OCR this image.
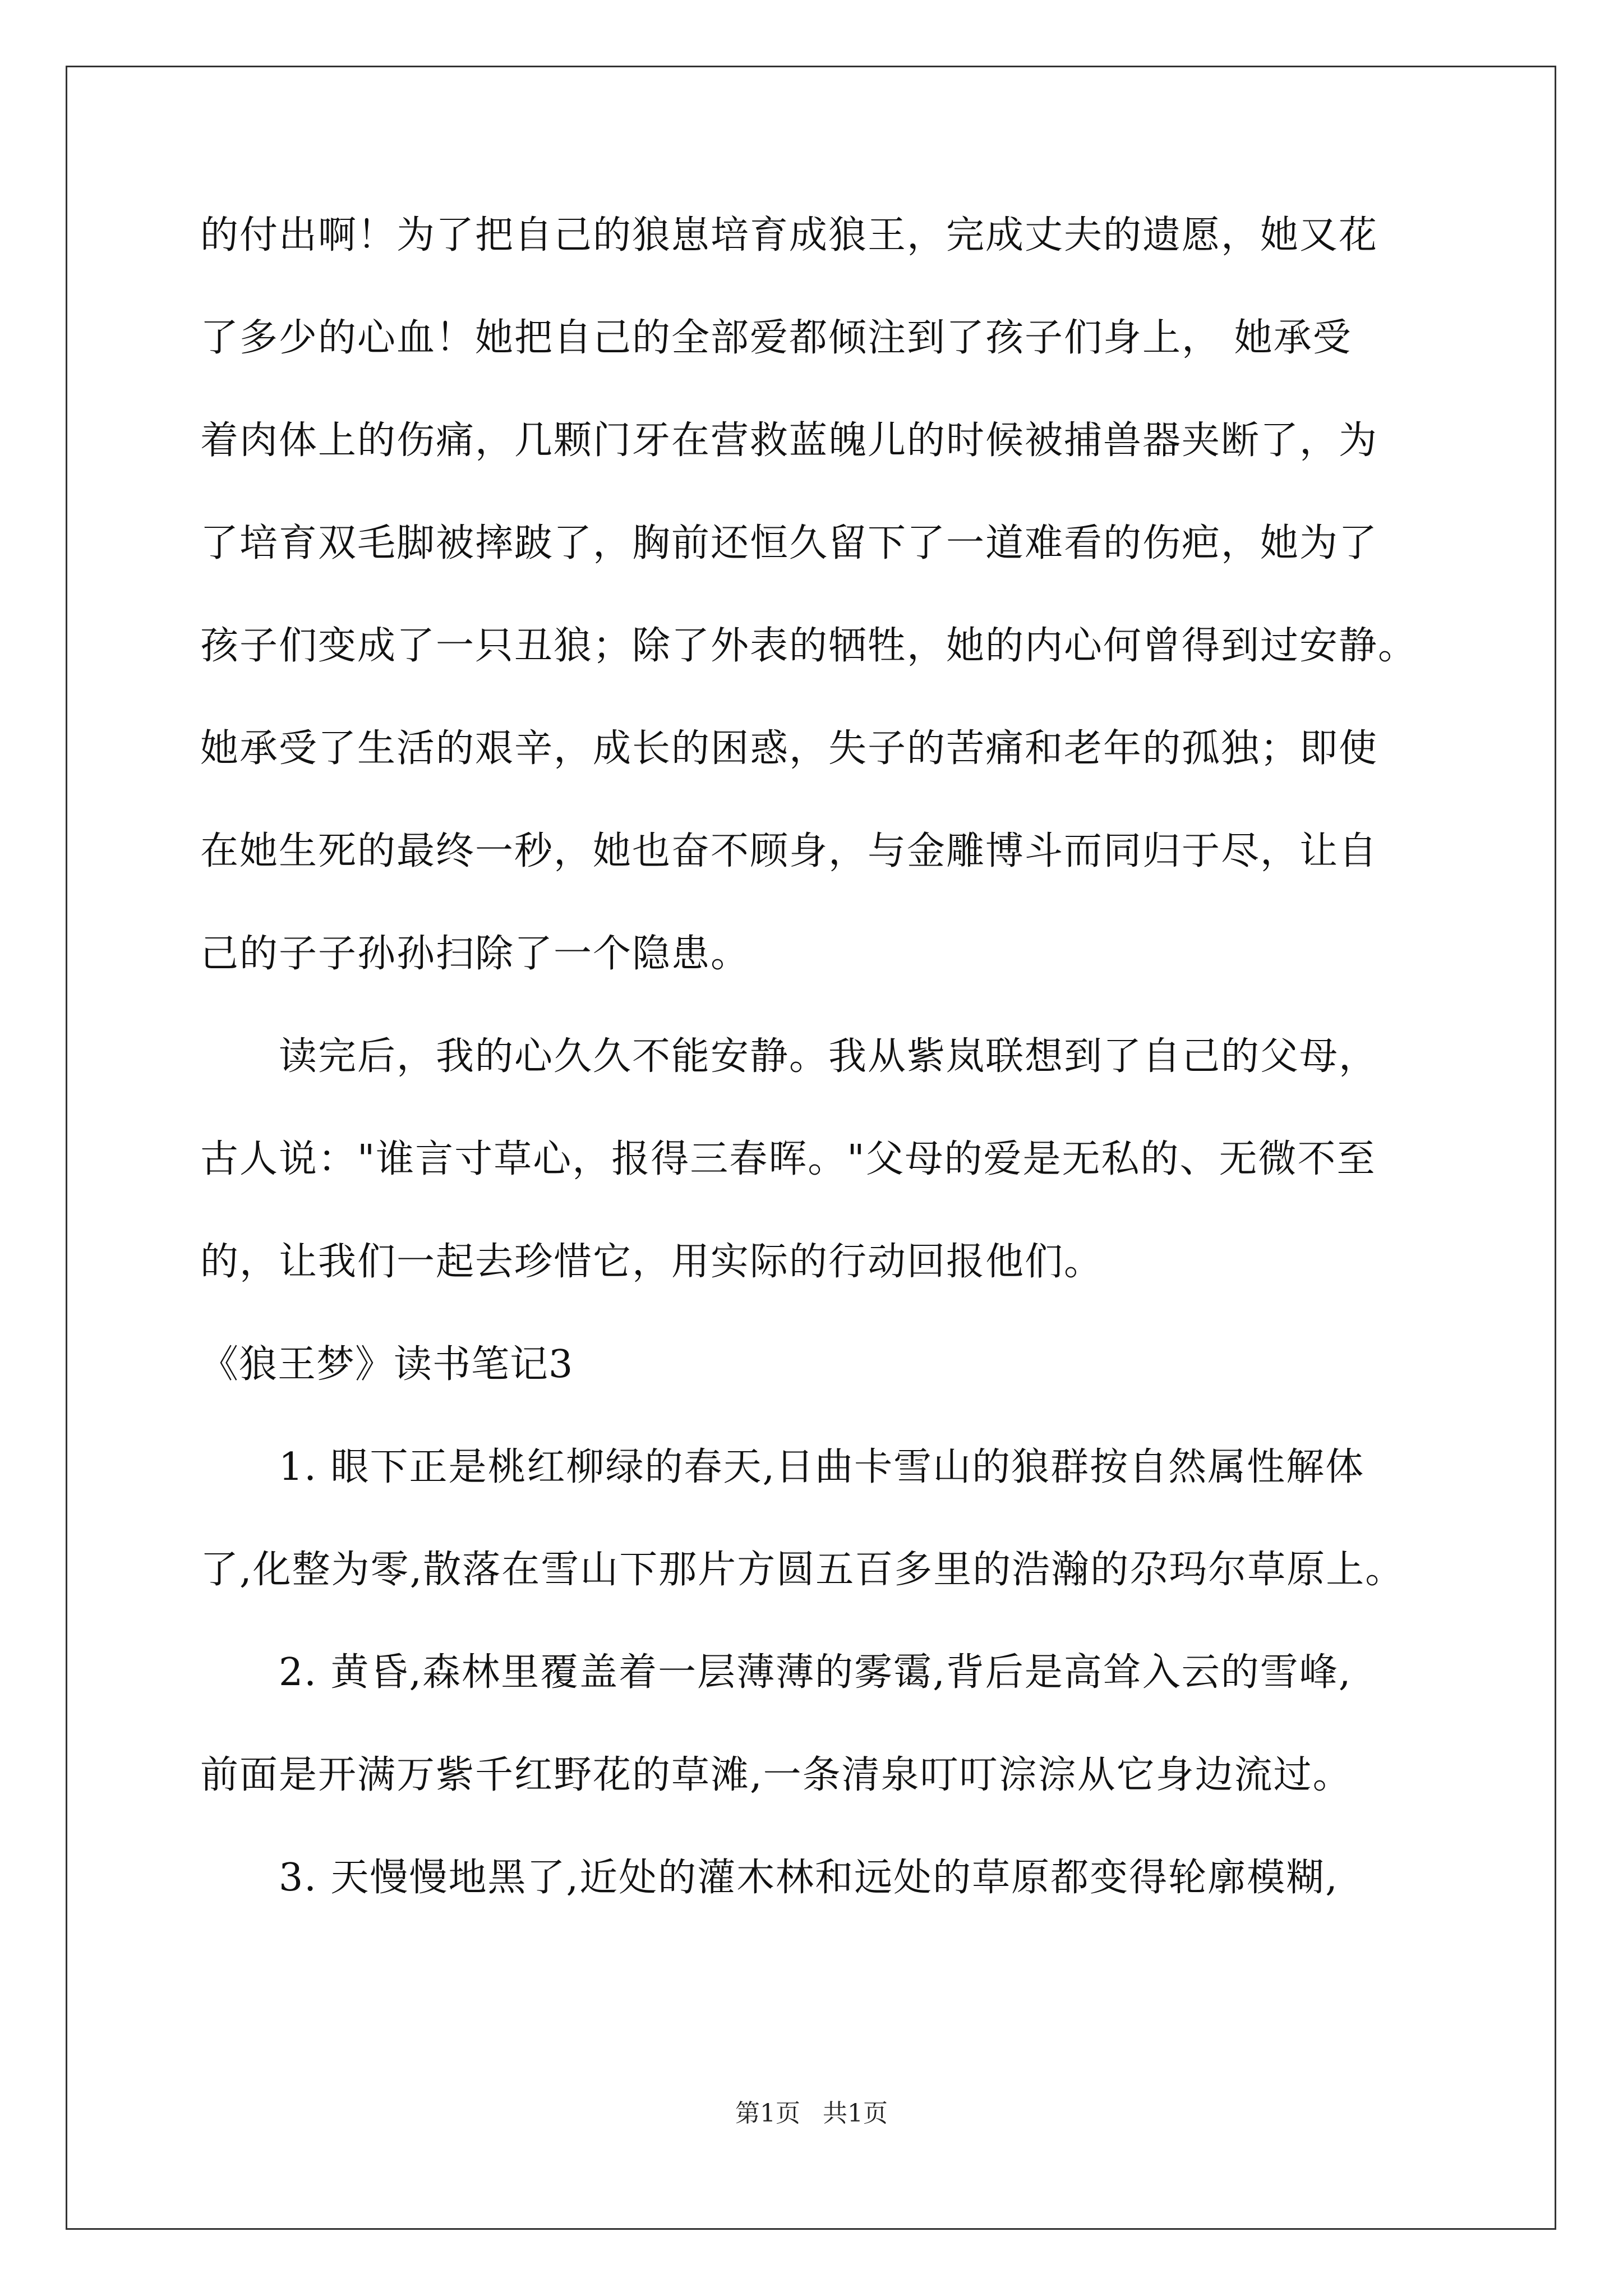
的付出啊！为了把自己的狼崽培育成狼王，完成丈夫的遗愿，她又花
了多少的心血！她把自己的全部爱都倾注到了孩子们身上， 她承受
着肉体上的伤痛，几颗门牙在营救蓝魄儿的时候被捕兽器夹断了，为
了培育双毛脚被摔跛了，胸前还恒久留下了一道难看的伤疤，她为了
孩子们变成了一只丑狼；除了外表的牺牲，她的内心何曾得到过安静。
她承受了生活的艰辛，成长的困惑，失子的苦痛和老年的孤独；即使
在她生死的最终一秒，她也奋不顾身，与金雕博斗而同归于尽，让自
己的子子孙孙扫除了一个隐患。
读完后，我的心久久不能安静。我从紫岚联想到了自己的父母，
古人说："谁言寸草心，报得三春晖。"父母的爱是无私的、无微不至
的，让我们一起去珍惜它，用实际的行动回报他们。
《狼王梦》读书笔记3
1. 眼下正是桃红柳绿的春天,日曲卡雪山的狼群按自然属性解体
了,化整为零,散落在雪山下那片方圆五百多里的浩瀚的尕玛尔草原上。
2. 黄昏,森林里覆盖着一层薄薄的雾霭,背后是高耸入云的雪峰,
前面是开满万紫千红野花的草滩,一条清泉叮叮淙淙从它身边流过。
3. 天慢慢地黑了,近处的灌木林和远处的草原都变得轮廓模糊,
第1页 共1页
